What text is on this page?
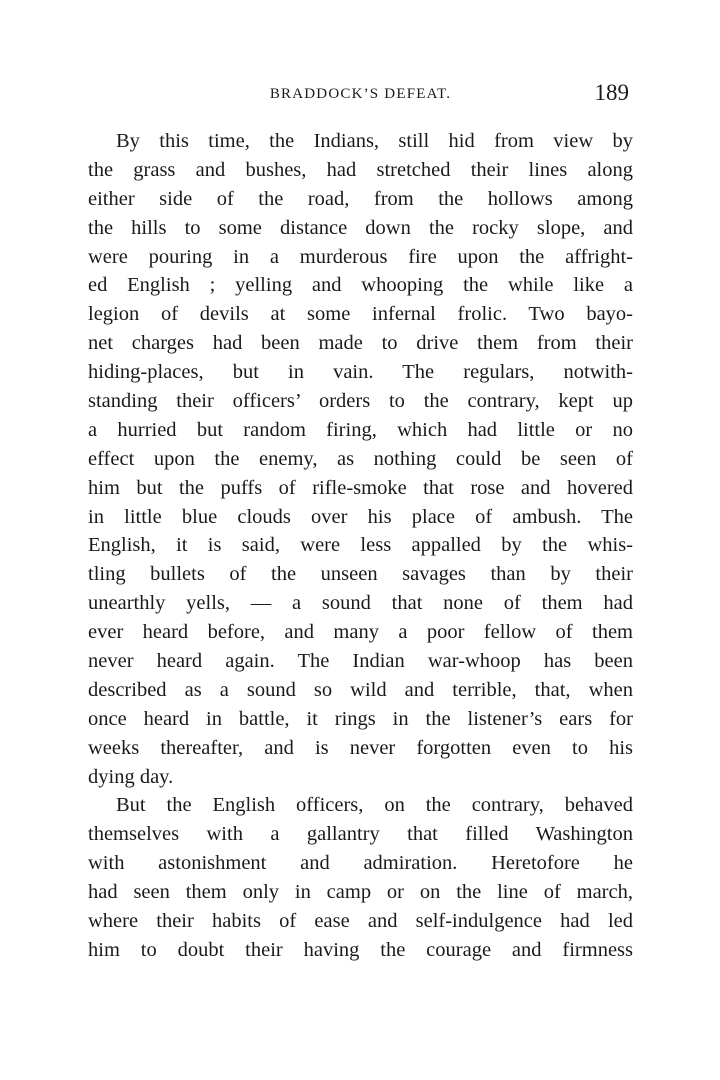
BRADDOCK’S DEFEAT.	189
By this time, the Indians, still hid from view by
the grass and bushes, had stretched their lines along
either side of the road, from the hollows among
the hills to some distance down the rocky slope, and
were pouring in a murderous fire upon the affright-
ed English ; yelling and whooping the while like a
legion of devils at some infernal frolic. Two bayo-
net charges had been made to drive them from their
hiding-places, but in vain. The regulars, notwith-
standing their officers’ orders to the contrary, kept up
a hurried but random firing, which had little or no
effect upon the enemy, as nothing could be seen of
him but the puffs of rifle-smoke that rose and hovered
in little blue clouds over his place of ambush. The
English, it is said, were less appalled by the whis-
tling bullets of the unseen savages than by their
unearthly yells, — a sound that none of them had
ever heard before, and many a poor fellow of them
never heard again. The Indian war-whoop has been
described as a sound so wild and terrible, that, when
once heard in battle, it rings in the listener’s ears for
weeks thereafter, and is never forgotten even to his
dying day.
But the English officers, on the contrary, behaved
themselves with a gallantry that filled Washington
with astonishment and admiration. Heretofore he
had seen them only in camp or on the line of march,
where their habits of ease and self-indulgence had led
him to doubt their having the courage and firmness
